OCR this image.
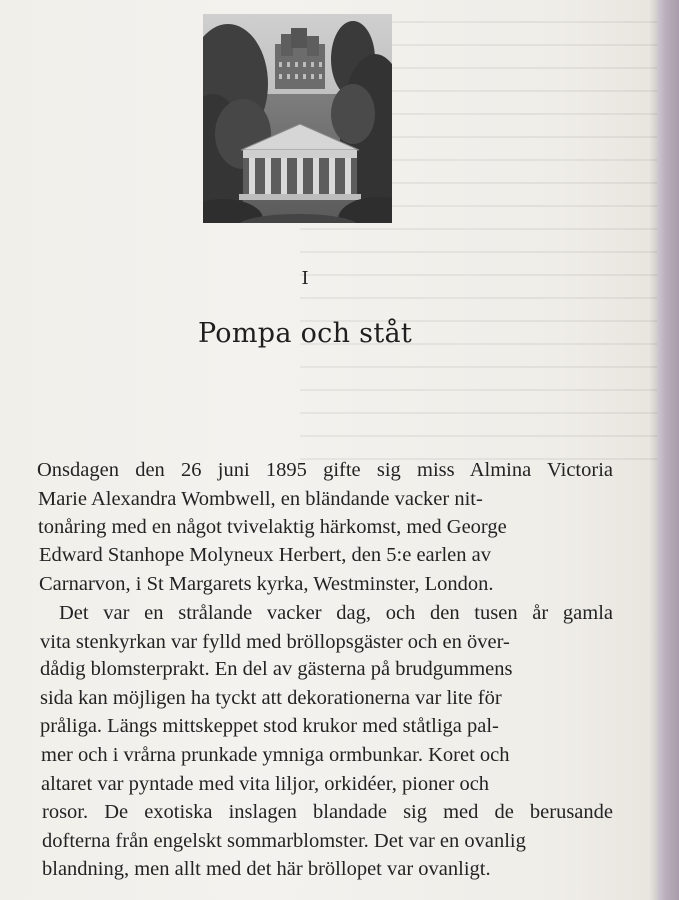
I
Pompa och ståt
Onsdagen den 26 juni 1895 gifte sig miss Almina Victoria
Marie Alexandra Wombwell, en bländande vacker nit-
tonåring med en något tvivelaktig härkomst, med George
Edward Stanhope Molyneux Herbert, den 5:e earlen av
Carnarvon, i St Margarets kyrka, Westminster, London.
Det var en strålande vacker dag, och den tusen år gamla
vita stenkyrkan var fylld med bröllopsgäster och en över-
dådig blomsterprakt. En del av gästerna på brudgummens
sida kan möjligen ha tyckt att dekorationerna var lite för
pråliga. Längs mittskeppet stod krukor med ståtliga pal-
mer och i vrårna prunkade ymniga ormbunkar. Koret och
altaret var pyntade med vita liljor, orkidéer, pioner och
rosor. De exotiska inslagen blandade sig med de berusande
dofterna från engelskt sommarblomster. Det var en ovanlig
blandning, men allt med det här bröllopet var ovanligt.
